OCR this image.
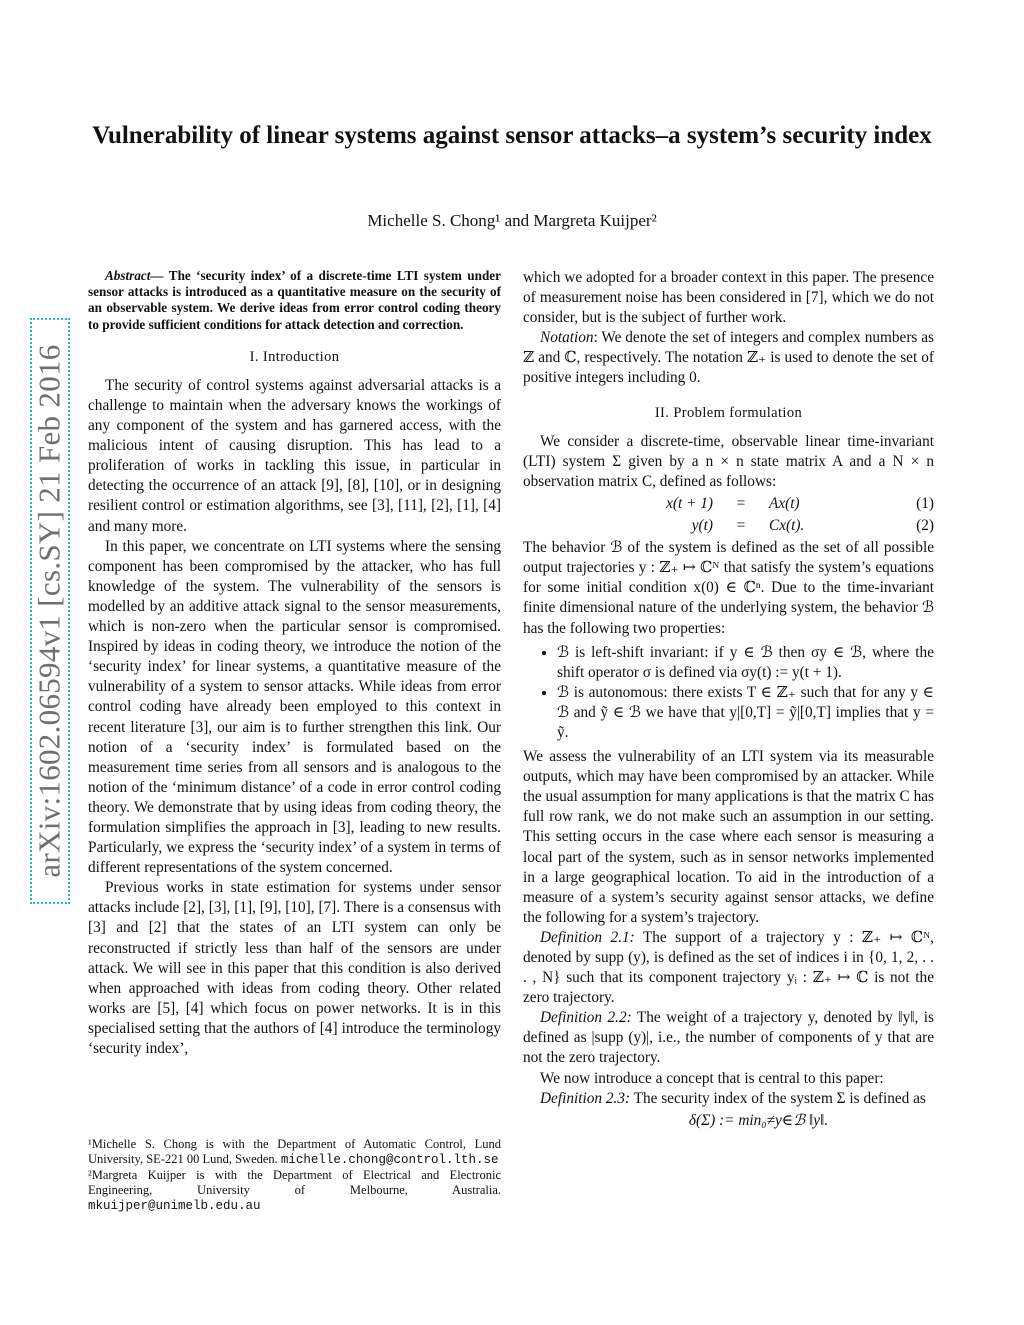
arXiv:1602.06594v1 [cs.SY] 21 Feb 2016
Vulnerability of linear systems against sensor attacks–a system’s security index
Michelle S. Chong¹ and Margreta Kuijper²

Abstract— The ‘security index’ of a discrete-time LTI system under sensor attacks is introduced as a quantitative measure on the security of an observable system. We derive ideas from error control coding theory to provide sufficient conditions for attack detection and correction.

I. Introduction

The security of control systems against adversarial attacks is a challenge to maintain when the adversary knows the workings of any component of the system and has garnered access, with the malicious intent of causing disruption. This has lead to a proliferation of works in tackling this issue, in particular in detecting the occurrence of an attack [9], [8], [10], or in designing resilient control or estimation algorithms, see [3], [11], [2], [1], [4] and many more.

In this paper, we concentrate on LTI systems where the sensing component has been compromised by the attacker, who has full knowledge of the system. The vulnerability of the sensors is modelled by an additive attack signal to the sensor measurements, which is non-zero when the particular sensor is compromised. Inspired by ideas in coding theory, we introduce the notion of the ‘security index’ for linear systems, a quantitative measure of the vulnerability of a system to sensor attacks. While ideas from error control coding have already been employed to this context in recent literature [3], our aim is to further strengthen this link. Our notion of a ‘security index’ is formulated based on the measurement time series from all sensors and is analogous to the notion of the ‘minimum distance’ of a code in error control coding theory. We demonstrate that by using ideas from coding theory, the formulation simplifies the approach in [3], leading to new results. Particularly, we express the ‘security index’ of a system in terms of different representations of the system concerned.

Previous works in state estimation for systems under sensor attacks include [2], [3], [1], [9], [10], [7]. There is a consensus with [3] and [2] that the states of an LTI system can only be reconstructed if strictly less than half of the sensors are under attack. We will see in this paper that this condition is also derived when approached with ideas from coding theory. Other related works are [5], [4] which focus on power networks. It is in this specialised setting that the authors of [4] introduce the terminology ‘security index’,

¹Michelle S. Chong is with the Department of Automatic Control, Lund University, SE-221 00 Lund, Sweden. michelle.chong@control.lth.se

²Margreta Kuijper is with the Department of Electrical and Electronic Engineering, University of Melbourne, Australia. mkuijper@unimelb.edu.au

which we adopted for a broader context in this paper. The presence of measurement noise has been considered in [7], which we do not consider, but is the subject of further work.

Notation: We denote the set of integers and complex numbers as ℤ and ℂ, respectively. The notation ℤ₊ is used to denote the set of positive integers including 0.

II. Problem formulation

We consider a discrete-time, observable linear time-invariant (LTI) system Σ given by a n × n state matrix A and a N × n observation matrix C, defined as follows:

x(t + 1)	=	Ax(t)	(1)
y(t)	=	Cx(t).	(2)

The behavior ℬ of the system is defined as the set of all possible output trajectories y : ℤ₊ ↦ ℂᴺ that satisfy the system’s equations for some initial condition x(0) ∈ ℂⁿ. Due to the time-invariant finite dimensional nature of the underlying system, the behavior ℬ has the following two properties:

• ℬ is left-shift invariant: if y ∈ ℬ then σy ∈ ℬ, where the shift operator σ is defined via σy(t) := y(t + 1).
• ℬ is autonomous: there exists T ∈ ℤ₊ such that for any y ∈ ℬ and ỹ ∈ ℬ we have that y|[0,T] = ỹ|[0,T] implies that y = ỹ.

We assess the vulnerability of an LTI system via its measurable outputs, which may have been compromised by an attacker. While the usual assumption for many applications is that the matrix C has full row rank, we do not make such an assumption in our setting. This setting occurs in the case where each sensor is measuring a local part of the system, such as in sensor networks implemented in a large geographical location. To aid in the introduction of a measure of a system’s security against sensor attacks, we define the following for a system’s trajectory.

Definition 2.1: The support of a trajectory y : ℤ₊ ↦ ℂᴺ, denoted by supp (y), is defined as the set of indices i in {0, 1, 2, . . . , N} such that its component trajectory yᵢ : ℤ₊ ↦ ℂ is not the zero trajectory.

Definition 2.2: The weight of a trajectory y, denoted by ‖y‖, is defined as |supp (y)|, i.e., the number of components of y that are not the zero trajectory.

We now introduce a concept that is central to this paper:

Definition 2.3: The security index of the system Σ is defined as

δ(Σ) := min₀≠y∈ℬ ‖y‖.
